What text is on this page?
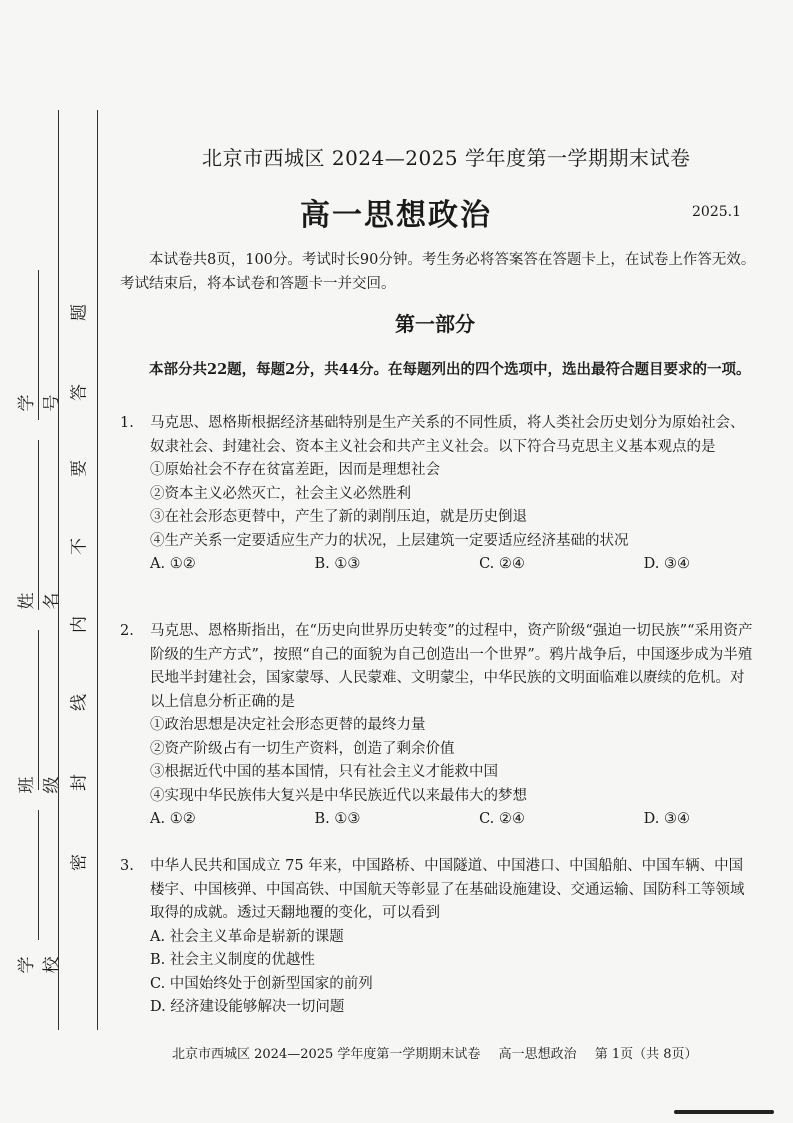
学号
姓名
班级
学校
题
答
要
不
内
线
封
密
北京市西城区 2024—2025 学年度第一学期期末试卷
高一思想政治	2025.1
本试卷共8页，100分。考试时长90分钟。考生务必将答案答在答题卡上，在试卷上作答无效。考试结束后，将本试卷和答题卡一并交回。
第一部分
本部分共22题，每题2分，共44分。在每题列出的四个选项中，选出最符合题目要求的一项。
1. 马克思、恩格斯根据经济基础特别是生产关系的不同性质，将人类社会历史划分为原始社会、奴隶社会、封建社会、资本主义社会和共产主义社会。以下符合马克思主义基本观点的是
①原始社会不存在贫富差距，因而是理想社会
②资本主义必然灭亡，社会主义必然胜利
③在社会形态更替中，产生了新的剥削压迫，就是历史倒退
④生产关系一定要适应生产力的状况，上层建筑一定要适应经济基础的状况
A. ①②	B. ①③	C. ②④	D. ③④
2. 马克思、恩格斯指出，在“历史向世界历史转变”的过程中，资产阶级“强迫一切民族”“采用资产阶级的生产方式”，按照“自己的面貌为自己创造出一个世界”。鸦片战争后，中国逐步成为半殖民地半封建社会，国家蒙辱、人民蒙难、文明蒙尘，中华民族的文明面临难以赓续的危机。对以上信息分析正确的是
①政治思想是决定社会形态更替的最终力量
②资产阶级占有一切生产资料，创造了剩余价值
③根据近代中国的基本国情，只有社会主义才能救中国
④实现中华民族伟大复兴是中华民族近代以来最伟大的梦想
A. ①②	B. ①③	C. ②④	D. ③④
3. 中华人民共和国成立 75 年来，中国路桥、中国隧道、中国港口、中国船舶、中国车辆、中国楼宇、中国核弹、中国高铁、中国航天等彰显了在基础设施建设、交通运输、国防科工等领域取得的成就。透过天翻地覆的变化，可以看到
A. 社会主义革命是崭新的课题
B. 社会主义制度的优越性
C. 中国始终处于创新型国家的前列
D. 经济建设能够解决一切问题
北京市西城区 2024—2025 学年度第一学期期末试卷 高一思想政治 第 1页（共 8页）
